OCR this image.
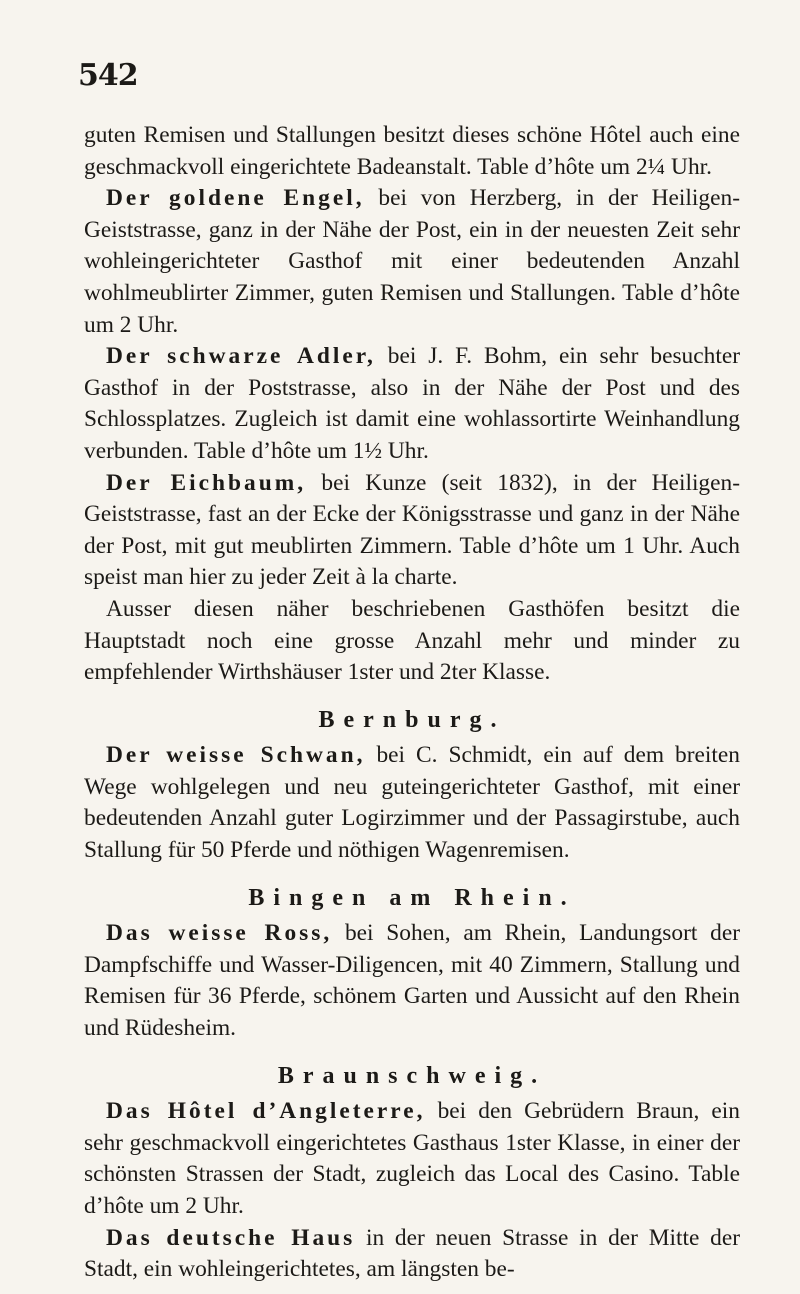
542

guten Remisen und Stallungen besitzt dieses schöne Hôtel auch eine geschmackvoll eingerichtete Badeanstalt. Table d’hôte um 2¼ Uhr.

Der goldene Engel, bei von Herzberg, in der Heiligen-Geiststrasse, ganz in der Nähe der Post, ein in der neuesten Zeit sehr wohleingerichteter Gasthof mit einer bedeutenden Anzahl wohlmeublirter Zimmer, guten Remisen und Stallungen. Table d’hôte um 2 Uhr.

Der schwarze Adler, bei J. F. Bohm, ein sehr besuchter Gasthof in der Poststrasse, also in der Nähe der Post und des Schlossplatzes. Zugleich ist damit eine wohlassortirte Weinhandlung verbunden. Table d’hôte um 1½ Uhr.

Der Eichbaum, bei Kunze (seit 1832), in der Heiligen-Geiststrasse, fast an der Ecke der Königsstrasse und ganz in der Nähe der Post, mit gut meublirten Zimmern. Table d’hôte um 1 Uhr. Auch speist man hier zu jeder Zeit à la charte.

Ausser diesen näher beschriebenen Gasthöfen besitzt die Hauptstadt noch eine grosse Anzahl mehr und minder zu empfehlender Wirthshäuser 1ster und 2ter Klasse.

Bernburg.

Der weisse Schwan, bei C. Schmidt, ein auf dem breiten Wege wohlgelegen und neu guteingerichteter Gasthof, mit einer bedeutenden Anzahl guter Logirzimmer und der Passagirstube, auch Stallung für 50 Pferde und nöthigen Wagenremisen.

Bingen am Rhein.

Das weisse Ross, bei Sohen, am Rhein, Landungsort der Dampfschiffe und Wasser-Diligencen, mit 40 Zimmern, Stallung und Remisen für 36 Pferde, schönem Garten und Aussicht auf den Rhein und Rüdesheim.

Braunschweig.

Das Hôtel d’Angleterre, bei den Gebrüdern Braun, ein sehr geschmackvoll eingerichtetes Gasthaus 1ster Klasse, in einer der schönsten Strassen der Stadt, zugleich das Local des Casino. Table d’hôte um 2 Uhr.

Das deutsche Haus in der neuen Strasse in der Mitte der Stadt, ein wohleingerichtetes, am längsten be-
